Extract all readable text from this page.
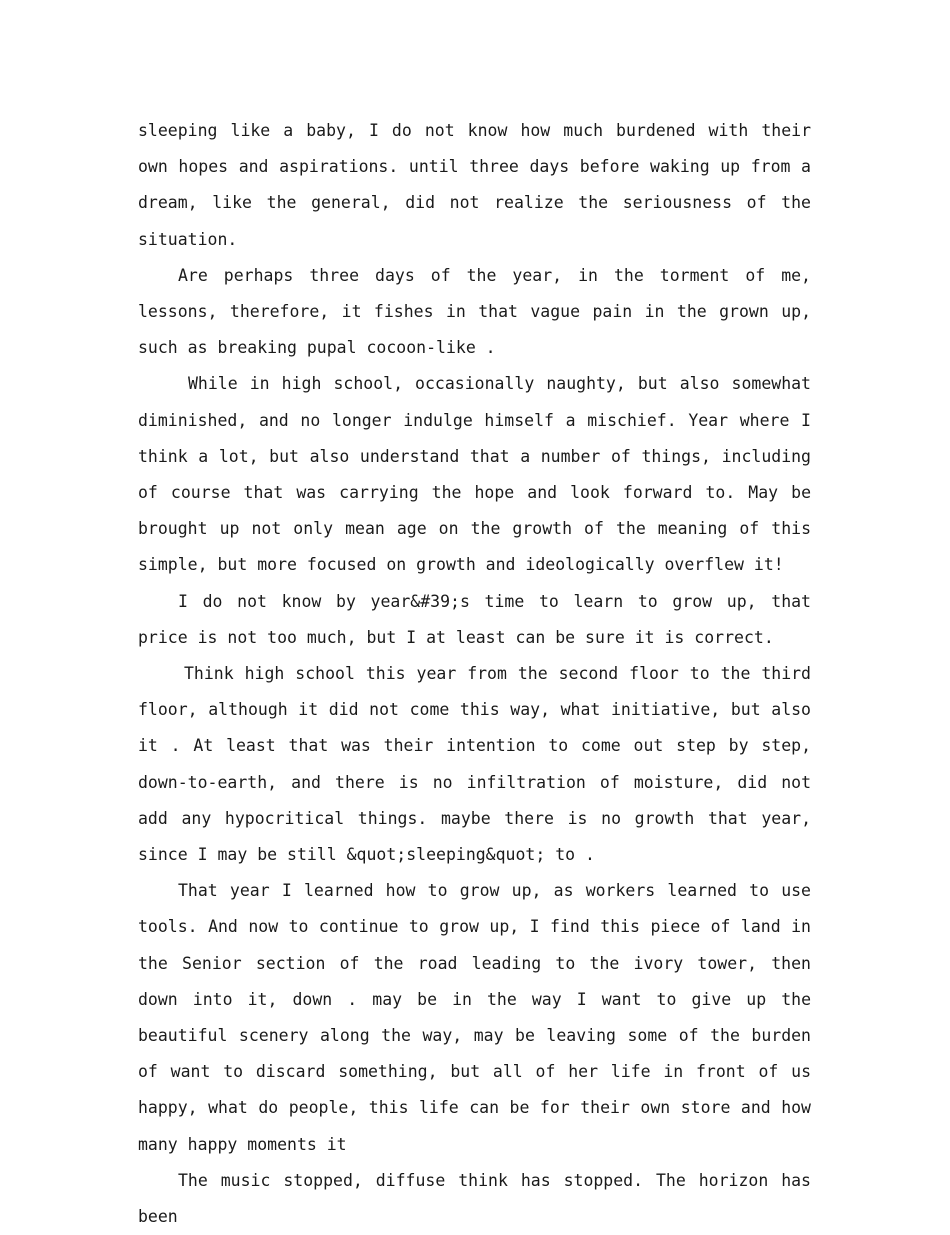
sleeping like a baby, I do not know how much burdened with their own hopes and aspirations. until three days before waking up from a dream, like the general, did not realize the seriousness of the situation.

Are perhaps three days of the year, in the torment of me, lessons, therefore, it fishes in that vague pain in the grown up, such as breaking pupal cocoon-like .

While in high school, occasionally naughty, but also somewhat diminished, and no longer indulge himself a mischief. Year where I think a lot, but also understand that a number of things, including of course that was carrying the hope and look forward to. May be brought up not only mean age on the growth of the meaning of this simple, but more focused on growth and ideologically overflew it!

I do not know by year&#39;s time to learn to grow up, that price is not too much, but I at least can be sure it is correct.

Think high school this year from the second floor to the third floor, although it did not come this way, what initiative, but also it . At least that was their intention to come out step by step, down-to-earth, and there is no infiltration of moisture, did not add any hypocritical things. maybe there is no growth that year, since I may be still &quot;sleeping&quot; to .

That year I learned how to grow up, as workers learned to use tools. And now to continue to grow up, I find this piece of land in the Senior section of the road leading to the ivory tower, then down into it, down . may be in the way I want to give up the beautiful scenery along the way, may be leaving some of the burden of want to discard something, but all of her life in front of us happy, what do people, this life can be for their own store and how many happy moments it

The music stopped, diffuse think has stopped. The horizon has been
